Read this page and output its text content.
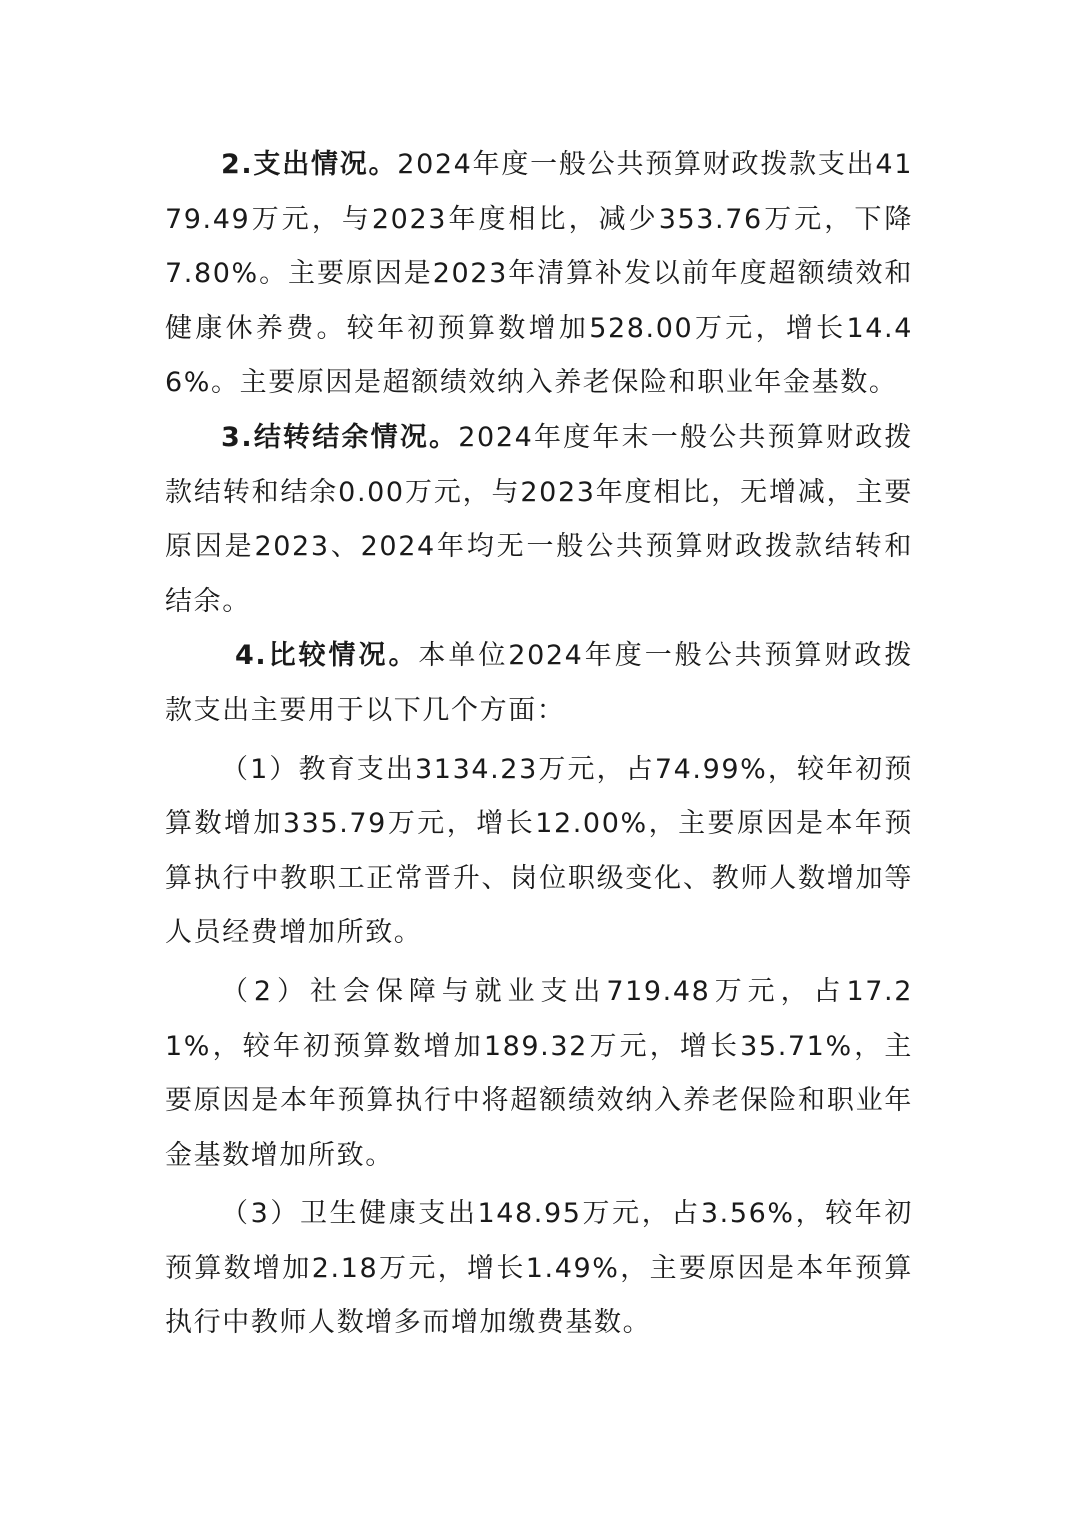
2.支出情况。2024年度一般公共预算财政拨款支出4179.49万元，与2023年度相比，减少353.76万元，下降7.80%。主要原因是2023年清算补发以前年度超额绩效和健康休养费。较年初预算数增加528.00万元，增长14.46%。主要原因是超额绩效纳入养老保险和职业年金基数。

3.结转结余情况。2024年度年末一般公共预算财政拨款结转和结余0.00万元，与2023年度相比，无增减，主要原因是2023、2024年均无一般公共预算财政拨款结转和结余。

4.比较情况。本单位2024年度一般公共预算财政拨款支出主要用于以下几个方面：

（1）教育支出3134.23万元，占74.99%，较年初预算数增加335.79万元，增长12.00%，主要原因是本年预算执行中教职工正常晋升、岗位职级变化、教师人数增加等人员经费增加所致。

（2）社会保障与就业支出719.48万元，占17.21%，较年初预算数增加189.32万元，增长35.71%，主要原因是本年预算执行中将超额绩效纳入养老保险和职业年金基数增加所致。

（3）卫生健康支出148.95万元，占3.56%，较年初预算数增加2.18万元，增长1.49%，主要原因是本年预算执行中教师人数增多而增加缴费基数。
